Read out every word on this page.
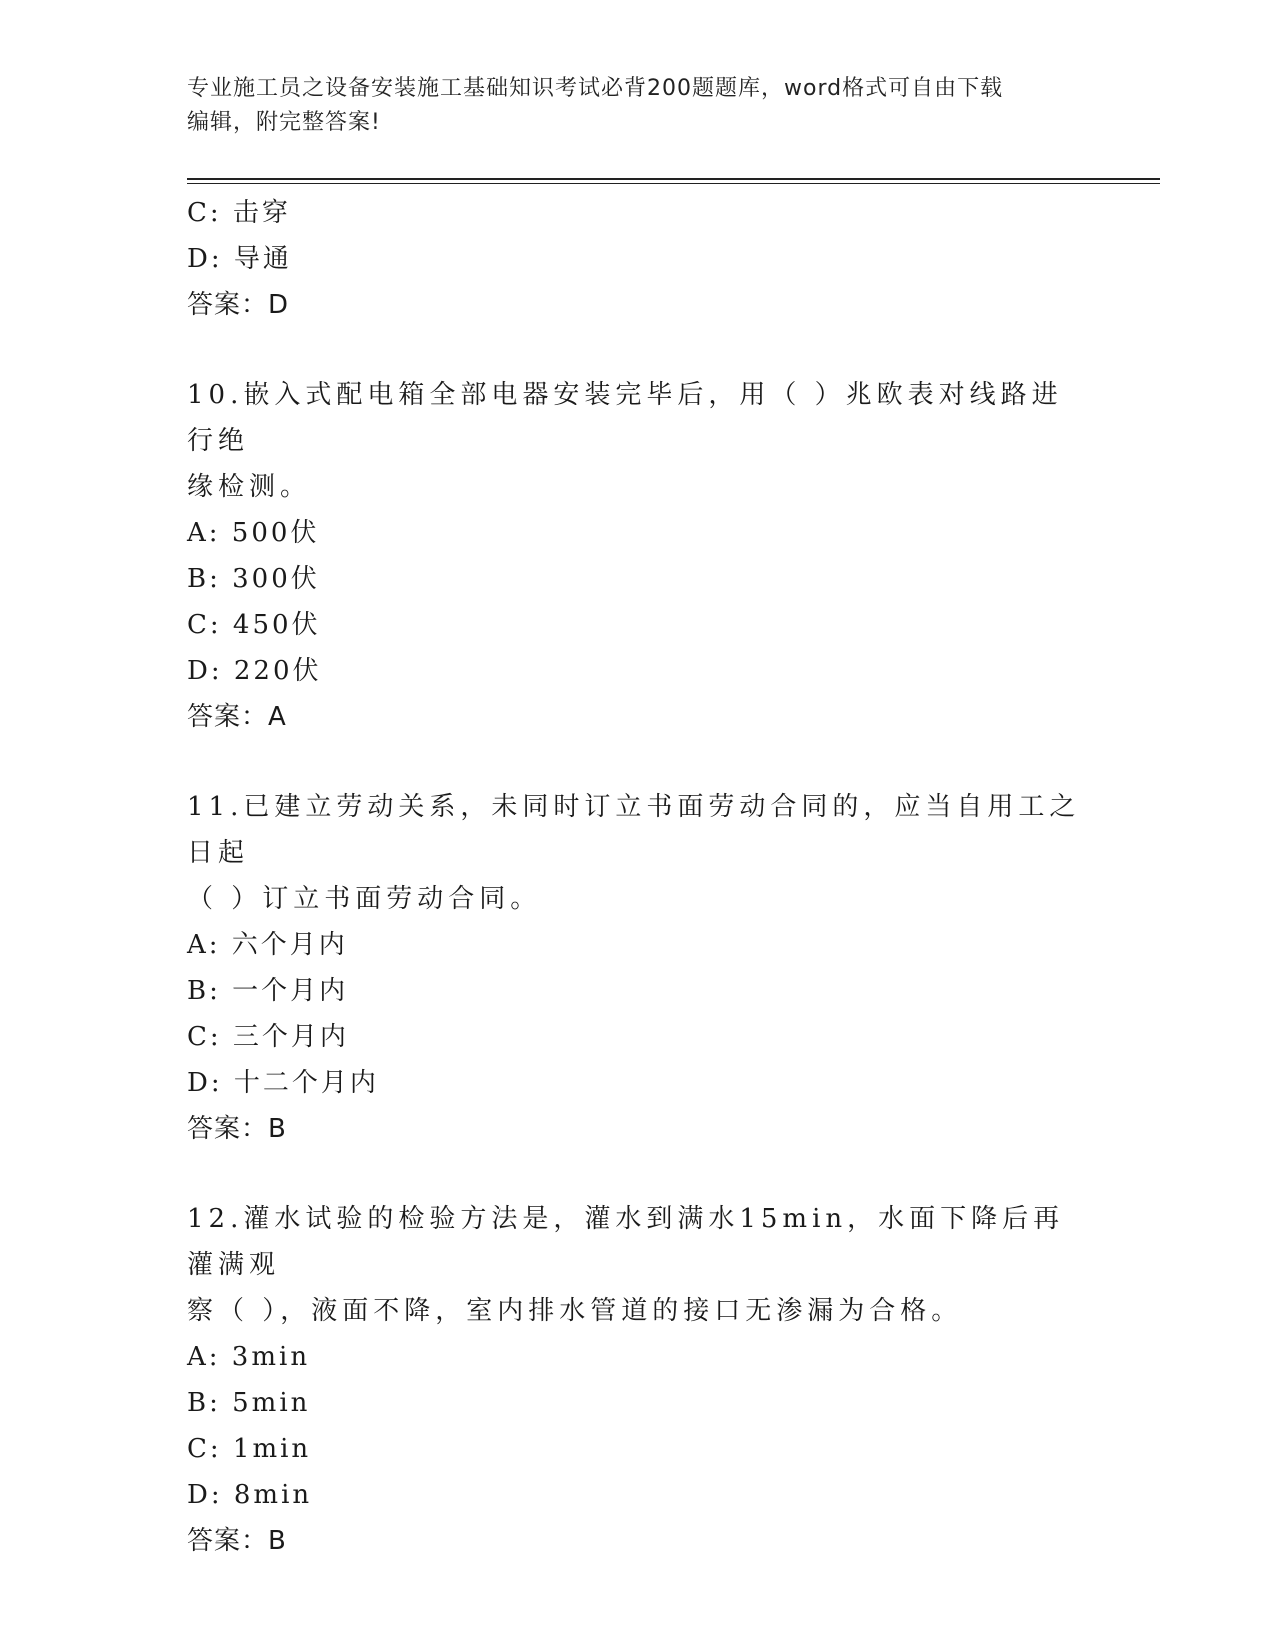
专业施工员之设备安装施工基础知识考试必背200题题库，word格式可自由下载
编辑，附完整答案!
C: 击穿
D: 导通
答案：D
10.嵌入式配电箱全部电器安装完毕后，用（ ）兆欧表对线路进行绝
缘检测。
A: 500伏
B: 300伏
C: 450伏
D: 220伏
答案：A
11.已建立劳动关系，未同时订立书面劳动合同的，应当自用工之日起
（ ）订立书面劳动合同。
A: 六个月内
B: 一个月内
C: 三个月内
D: 十二个月内
答案：B
12.灌水试验的检验方法是，灌水到满水15min，水面下降后再灌满观
察（ ），液面不降，室内排水管道的接口无渗漏为合格。
A: 3min
B: 5min
C: 1min
D: 8min
答案：B
